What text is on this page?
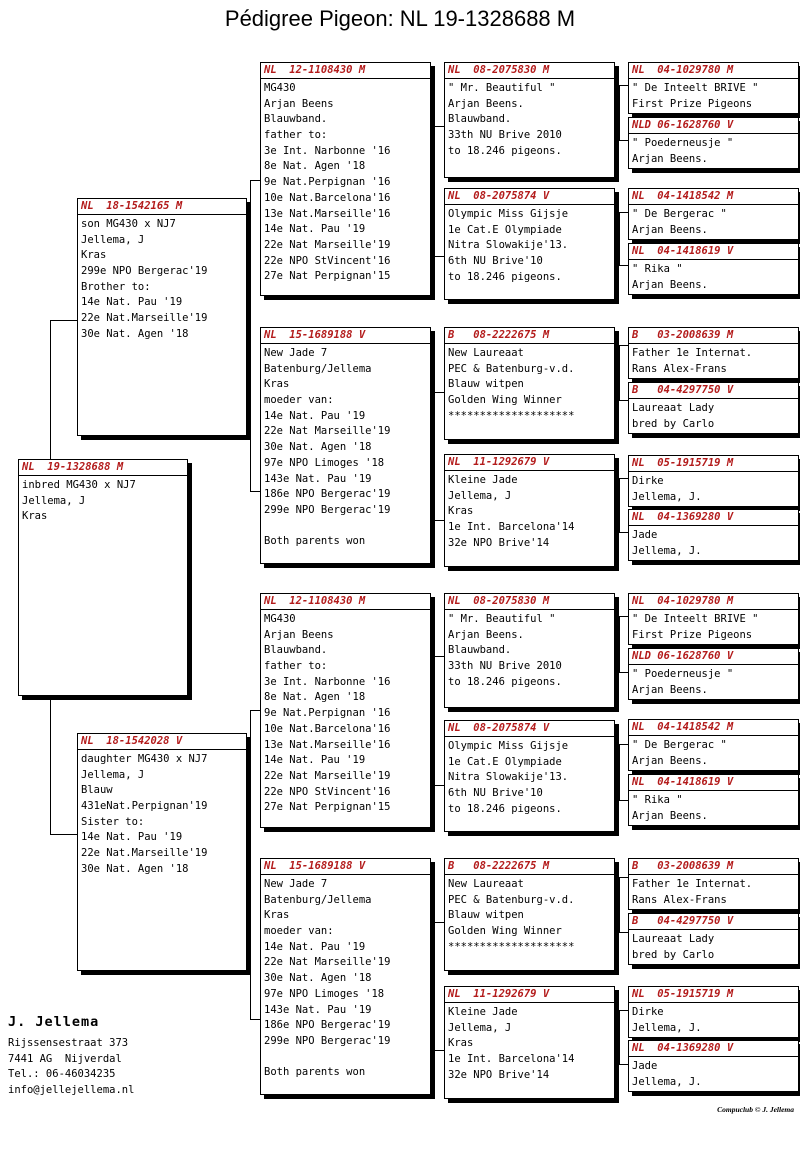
Pédigree Pigeon: NL 19-1328688 M
NL  19-1328688 M
inbred MG430 x NJ7
Jellema, J
Kras
NL  18-1542165 M
son MG430 x NJ7
Jellema, J
Kras
299e NPO Bergerac'19
Brother to:
14e Nat. Pau '19
22e Nat.Marseille'19
30e Nat. Agen '18
NL  18-1542028 V
daughter MG430 x NJ7
Jellema, J
Blauw
431eNat.Perpignan'19
Sister to:
14e Nat. Pau '19
22e Nat.Marseille'19
30e Nat. Agen '18
NL  12-1108430 M
MG430
Arjan Beens
Blauwband.
father to:
3e Int. Narbonne '16
8e Nat. Agen '18
9e Nat.Perpignan '16
10e Nat.Barcelona'16
13e Nat.Marseille'16
14e Nat. Pau '19
22e Nat Marseille'19
22e NPO StVincent'16
27e Nat Perpignan'15
NL  15-1689188 V
New Jade 7
Batenburg/Jellema
Kras
moeder van:
14e Nat. Pau '19
22e Nat Marseille'19
30e Nat. Agen '18
97e NPO Limoges '18
143e Nat. Pau '19
186e NPO Bergerac'19
299e NPO Bergerac'19
Both parents won
NL  12-1108430 M
MG430
Arjan Beens
Blauwband.
father to:
3e Int. Narbonne '16
8e Nat. Agen '18
9e Nat.Perpignan '16
10e Nat.Barcelona'16
13e Nat.Marseille'16
14e Nat. Pau '19
22e Nat Marseille'19
22e NPO StVincent'16
27e Nat Perpignan'15
NL  15-1689188 V
New Jade 7
Batenburg/Jellema
Kras
moeder van:
14e Nat. Pau '19
22e Nat Marseille'19
30e Nat. Agen '18
97e NPO Limoges '18
143e Nat. Pau '19
186e NPO Bergerac'19
299e NPO Bergerac'19
Both parents won
NL  08-2075830 M
" Mr. Beautiful "
Arjan Beens.
Blauwband.
33th NU Brive 2010
to 18.246 pigeons.
NL  08-2075874 V
Olympic Miss Gijsje
1e Cat.E Olympiade
Nitra Slowakije'13.
6th NU Brive'10
to 18.246 pigeons.
B   08-2222675 M
New Laureaat
PEC & Batenburg-v.d.
Blauw witpen
Golden Wing Winner
********************
NL  11-1292679 V
Kleine Jade
Jellema, J
Kras
1e Int. Barcelona'14
32e NPO Brive'14
NL  08-2075830 M
" Mr. Beautiful "
Arjan Beens.
Blauwband.
33th NU Brive 2010
to 18.246 pigeons.
NL  08-2075874 V
Olympic Miss Gijsje
1e Cat.E Olympiade
Nitra Slowakije'13.
6th NU Brive'10
to 18.246 pigeons.
B   08-2222675 M
New Laureaat
PEC & Batenburg-v.d.
Blauw witpen
Golden Wing Winner
********************
NL  11-1292679 V
Kleine Jade
Jellema, J
Kras
1e Int. Barcelona'14
32e NPO Brive'14
NL  04-1029780 M
" De Inteelt BRIVE "
First Prize Pigeons
NLD 06-1628760 V
" Poederneusje "
Arjan Beens.
NL  04-1418542 M
" De Bergerac "
Arjan Beens.
NL  04-1418619 V
" Rika "
Arjan Beens.
B   03-2008639 M
Father 1e Internat.
Rans Alex-Frans
B   04-4297750 V
Laureaat Lady
bred by Carlo
NL  05-1915719 M
Dirke
Jellema, J.
NL  04-1369280 V
Jade
Jellema, J.
NL  04-1029780 M
" De Inteelt BRIVE "
First Prize Pigeons
NLD 06-1628760 V
" Poederneusje "
Arjan Beens.
NL  04-1418542 M
" De Bergerac "
Arjan Beens.
NL  04-1418619 V
" Rika "
Arjan Beens.
B   03-2008639 M
Father 1e Internat.
Rans Alex-Frans
B   04-4297750 V
Laureaat Lady
bred by Carlo
NL  05-1915719 M
Dirke
Jellema, J.
NL  04-1369280 V
Jade
Jellema, J.
J. Jellema
Rijssensestraat 373
7441 AG  Nijverdal
Tel.: 06-46034235
info@jellejellema.nl
Compuclub © J. Jellema
